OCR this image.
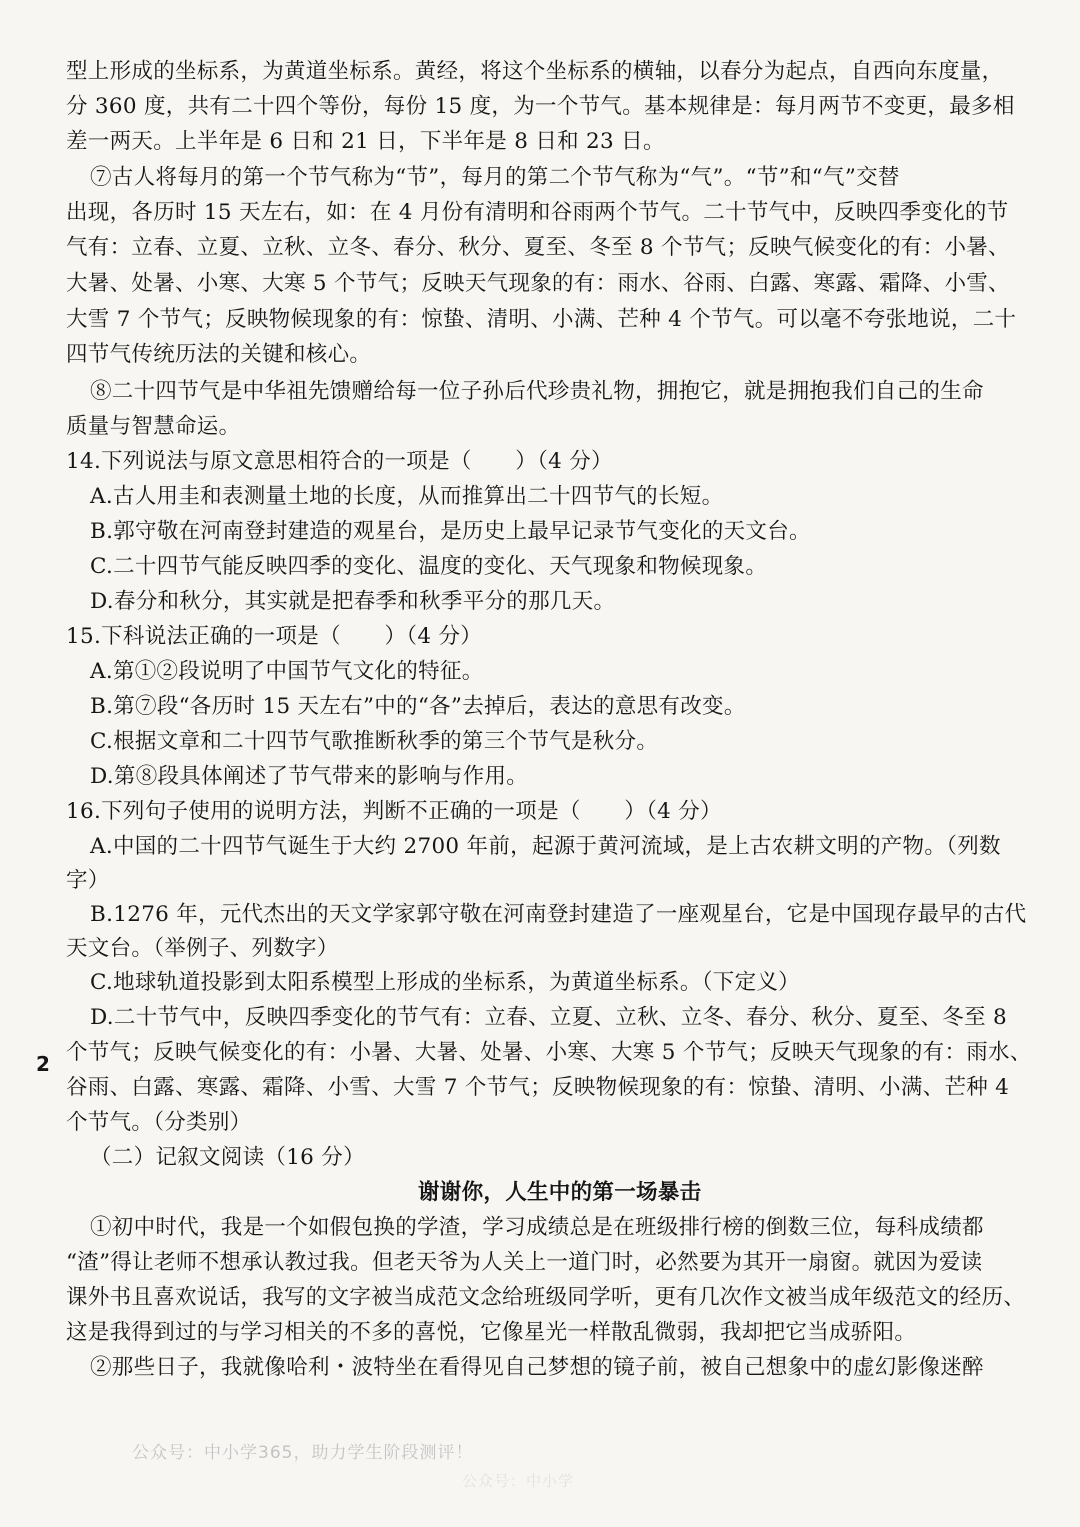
型上形成的坐标系，为黄道坐标系。黄经，将这个坐标系的横轴，以春分为起点，自西向东度量，
分 360 度，共有二十四个等份，每份 15 度，为一个节气。基本规律是：每月两节不变更，最多相
差一两天。上半年是 6 日和 21 日，下半年是 8 日和 23 日。
⑦古人将每月的第一个节气称为“节”，每月的第二个节气称为“气”。“节”和“气”交替
出现，各历时 15 天左右，如：在 4 月份有清明和谷雨两个节气。二十节气中，反映四季变化的节
气有：立春、立夏、立秋、立冬、春分、秋分、夏至、冬至 8 个节气；反映气候变化的有：小暑、
大暑、处暑、小寒、大寒 5 个节气；反映天气现象的有：雨水、谷雨、白露、寒露、霜降、小雪、
大雪 7 个节气；反映物候现象的有：惊蛰、清明、小满、芒种 4 个节气。可以毫不夸张地说，二十
四节气传统历法的关键和核心。
⑧二十四节气是中华祖先馈赠给每一位子孙后代珍贵礼物，拥抱它，就是拥抱我们自己的生命
质量与智慧命运。
14.下列说法与原文意思相符合的一项是（　　）（4 分）
A.古人用圭和表测量土地的长度，从而推算出二十四节气的长短。
B.郭守敬在河南登封建造的观星台，是历史上最早记录节气变化的天文台。
C.二十四节气能反映四季的变化、温度的变化、天气现象和物候现象。
D.春分和秋分，其实就是把春季和秋季平分的那几天。
15.下科说法正确的一项是（　　）（4 分）
A.第①②段说明了中国节气文化的特征。
B.第⑦段“各历时 15 天左右”中的“各”去掉后，表达的意思有改变。
C.根据文章和二十四节气歌推断秋季的第三个节气是秋分。
D.第⑧段具体阐述了节气带来的影响与作用。
16.下列句子使用的说明方法，判断不正确的一项是（　　）（4 分）
A.中国的二十四节气诞生于大约 2700 年前，起源于黄河流域，是上古农耕文明的产物。（列数
字）
B.1276 年，元代杰出的天文学家郭守敬在河南登封建造了一座观星台，它是中国现存最早的古代
天文台。（举例子、列数字）
C.地球轨道投影到太阳系模型上形成的坐标系，为黄道坐标系。（下定义）
D.二十节气中，反映四季变化的节气有：立春、立夏、立秋、立冬、春分、秋分、夏至、冬至 8
个节气；反映气候变化的有：小暑、大暑、处暑、小寒、大寒 5 个节气；反映天气现象的有：雨水、
谷雨、白露、寒露、霜降、小雪、大雪 7 个节气；反映物候现象的有：惊蛰、清明、小满、芒种 4
个节气。（分类别）
（二）记叙文阅读（16 分）
谢谢你，人生中的第一场暴击
①初中时代，我是一个如假包换的学渣，学习成绩总是在班级排行榜的倒数三位，每科成绩都
“渣”得让老师不想承认教过我。但老天爷为人关上一道门时，必然要为其开一扇窗。就因为爱读
课外书且喜欢说话，我写的文字被当成范文念给班级同学听，更有几次作文被当成年级范文的经历、
这是我得到过的与学习相关的不多的喜悦，它像星光一样散乱微弱，我却把它当成骄阳。
②那些日子，我就像哈利・波特坐在看得见自己梦想的镜子前，被自己想象中的虚幻影像迷醉
2
公众号：中小学365，助力学生阶段测评！
公众号：中小学
